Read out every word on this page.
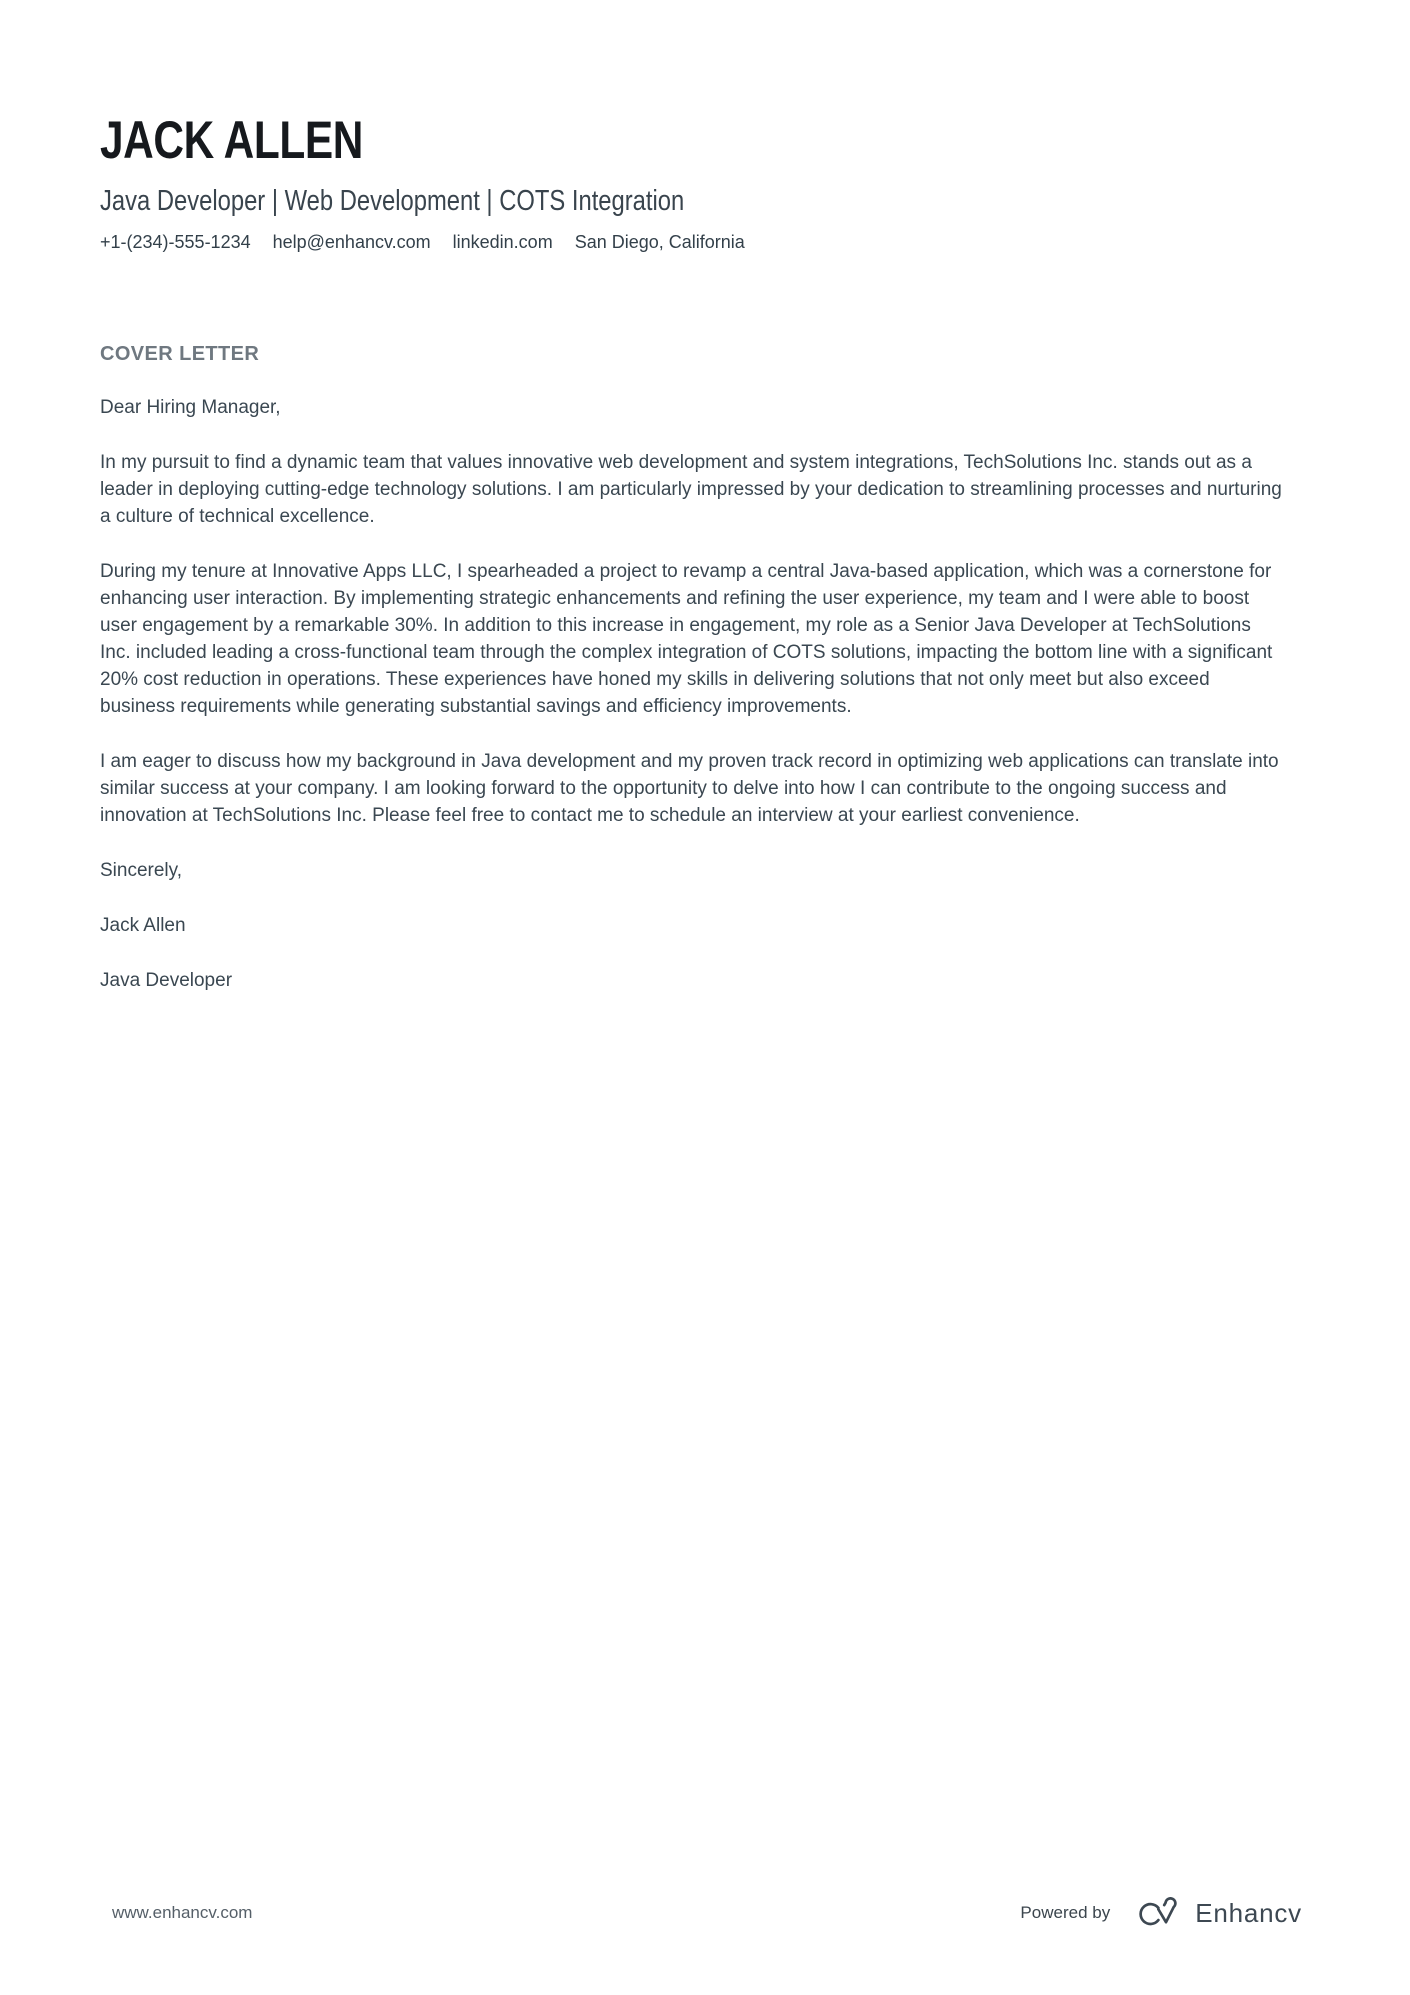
JACK ALLEN
Java Developer | Web Development | COTS Integration
+1-(234)-555-1234 help@enhancv.com linkedin.com San Diego, California
COVER LETTER

Dear Hiring Manager,

In my pursuit to find a dynamic team that values innovative web development and system integrations, TechSolutions Inc. stands out as a leader in deploying cutting-edge technology solutions. I am particularly impressed by your dedication to streamlining processes and nurturing a culture of technical excellence.

During my tenure at Innovative Apps LLC, I spearheaded a project to revamp a central Java-based application, which was a cornerstone for enhancing user interaction. By implementing strategic enhancements and refining the user experience, my team and I were able to boost user engagement by a remarkable 30%. In addition to this increase in engagement, my role as a Senior Java Developer at TechSolutions Inc. included leading a cross-functional team through the complex integration of COTS solutions, impacting the bottom line with a significant 20% cost reduction in operations. These experiences have honed my skills in delivering solutions that not only meet but also exceed business requirements while generating substantial savings and efficiency improvements.

I am eager to discuss how my background in Java development and my proven track record in optimizing web applications can translate into similar success at your company. I am looking forward to the opportunity to delve into how I can contribute to the ongoing success and innovation at TechSolutions Inc. Please feel free to contact me to schedule an interview at your earliest convenience.

Sincerely,

Jack Allen

Java Developer

www.enhancv.com	Powered by	Enhancv
